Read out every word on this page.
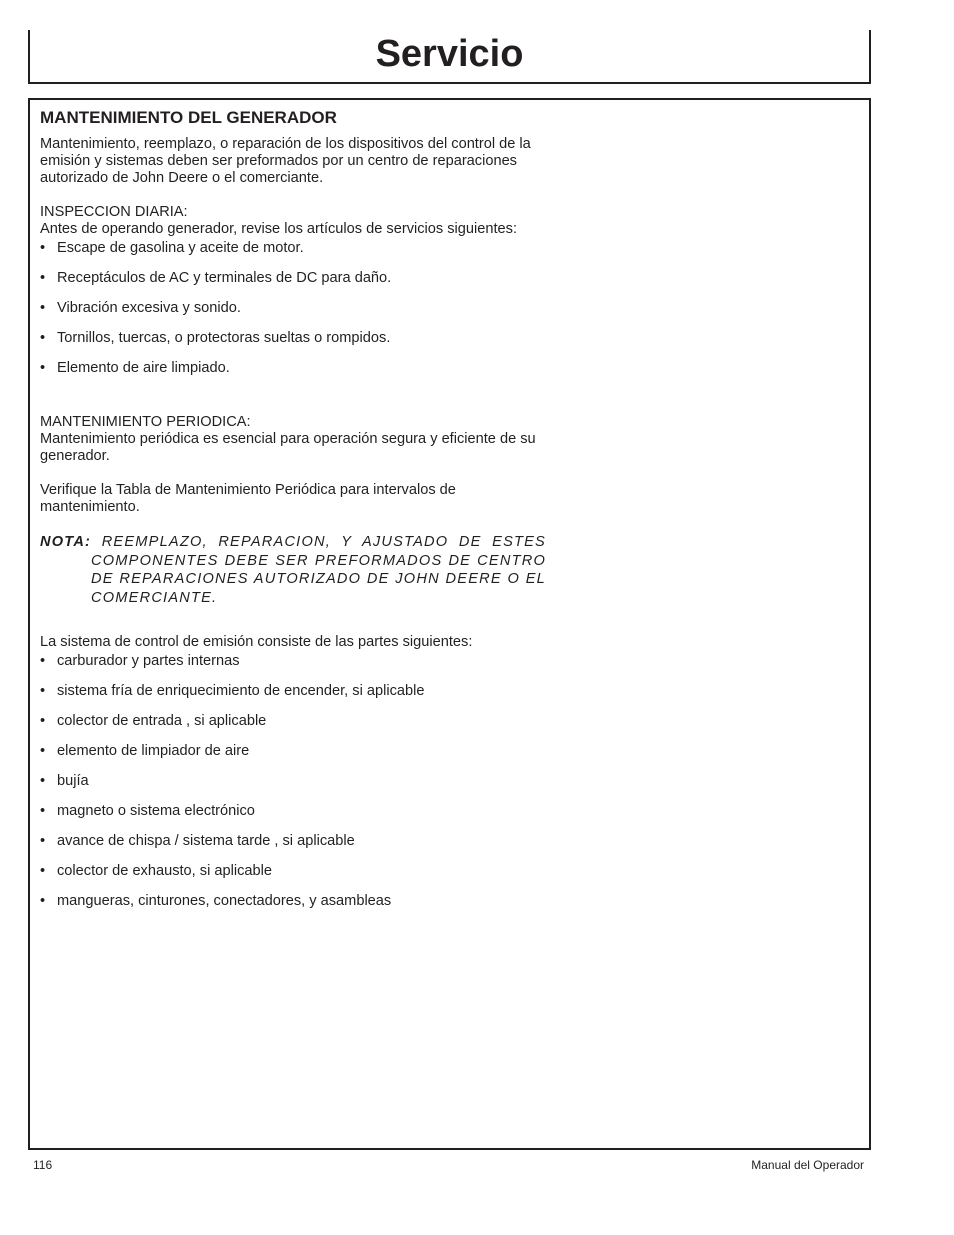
Servicio
MANTENIMIENTO DEL GENERADOR

Mantenimiento, reemplazo, o reparación de los dispositivos del control de la emisión y sistemas deben ser preformados por un centro de reparaciones autorizado de John Deere o el comerciante.

INSPECCION DIARIA:

Antes de operando generador, revise los artículos de servicios siguientes:

• Escape de gasolina y aceite de motor.
• Receptáculos de AC y terminales de DC para daño.
• Vibración excesiva y sonido.
• Tornillos, tuercas, o protectoras sueltas o rompidos.
• Elemento de aire limpiado.

MANTENIMIENTO PERIODICA:

Mantenimiento periódica es esencial para operación segura y eficiente de su generador.

Verifique la Tabla de Mantenimiento Periódica para intervalos de mantenimiento.

NOTA: REEMPLAZO, REPARACION, Y AJUSTADO DE ESTES COMPONENTES DEBE SER PREFORMADOS DE CENTRO DE REPARACIONES AUTORIZADO DE JOHN DEERE O EL COMERCIANTE.

La sistema de control de emisión consiste de las partes siguientes:

• carburador y partes internas
• sistema fría de enriquecimiento de encender, si aplicable
• colector de entrada , si aplicable
• elemento de limpiador de aire
• bujía
• magneto o sistema electrónico
• avance de chispa / sistema tarde , si aplicable
• colector de exhausto, si aplicable
• mangueras, cinturones, conectadores, y asambleas
116	Manual del Operador
